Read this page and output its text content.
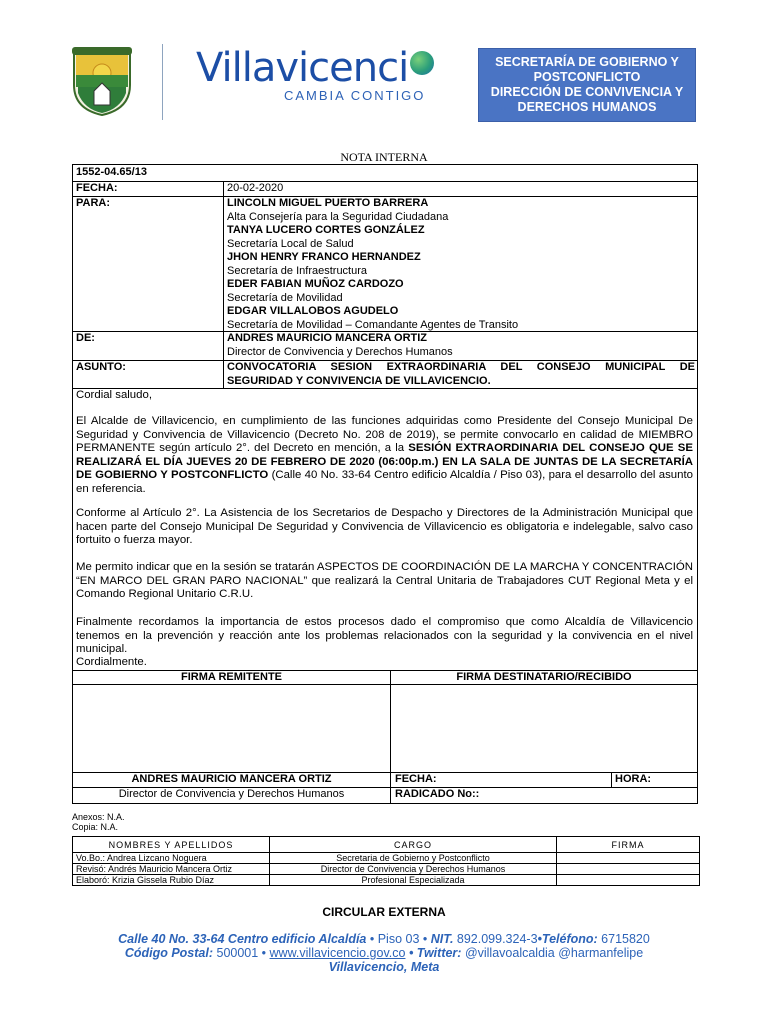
Villavicenci
CAMBIA CONTIGO
SECRETARÍA DE GOBIERNO Y
POSTCONFLICTO
DIRECCIÓN DE CONVIVENCIA Y
DERECHOS HUMANOS
NOTA INTERNA
1552-04.65/13
FECHA:	20-02-2020
PARA:	LINCOLN MIGUEL PUERTO BARRERA
Alta Consejería para la Seguridad Ciudadana
TANYA LUCERO CORTES GONZÁLEZ
Secretaría Local de Salud
JHON HENRY FRANCO HERNANDEZ
Secretaría de Infraestructura
EDER FABIAN MUÑOZ CARDOZO
Secretaría de Movilidad
EDGAR VILLALOBOS AGUDELO
Secretaría de Movilidad – Comandante Agentes de Transito
DE:	ANDRES MAURICIO MANCERA ORTIZ
Director de Convivencia y Derechos Humanos
ASUNTO:	CONVOCATORIA SESION EXTRAORDINARIA DEL CONSEJO MUNICIPAL DE
SEGURIDAD Y CONVIVENCIA DE VILLAVICENCIO.
Cordial saludo,
El Alcalde de Villavicencio, en cumplimiento de las funciones adquiridas como Presidente del Consejo Municipal De Seguridad y Convivencia de Villavicencio (Decreto No. 208 de 2019), se permite convocarlo en calidad de MIEMBRO PERMANENTE según artículo 2°. del Decreto en mención, a la SESIÓN EXTRAORDINARIA DEL CONSEJO QUE SE REALIZARÁ EL DÍA JUEVES 20 DE FEBRERO DE 2020 (06:00p.m.) EN LA SALA DE JUNTAS DE LA SECRETARÍA DE GOBIERNO Y POSTCONFLICTO (Calle 40 No. 33-64 Centro edificio Alcaldía / Piso 03), para el desarrollo del asunto en referencia.
Conforme al Artículo 2°. La Asistencia de los Secretarios de Despacho y Directores de la Administración Municipal que hacen parte del Consejo Municipal De Seguridad y Convivencia de Villavicencio es obligatoria e indelegable, salvo caso fortuito o fuerza mayor.
Me permito indicar que en la sesión se tratarán ASPECTOS DE COORDINACIÓN DE LA MARCHA Y CONCENTRACIÓN “EN MARCO DEL GRAN PARO NACIONAL” que realizará la Central Unitaria de Trabajadores CUT Regional Meta y el Comando Regional Unitario C.R.U.
Finalmente recordamos la importancia de estos procesos dado el compromiso que como Alcaldía de Villavicencio tenemos en la prevención y reacción ante los problemas relacionados con la seguridad y la convivencia en el nivel municipal.
Cordialmente.
FIRMA REMITENTE	FIRMA DESTINATARIO/RECIBIDO
ANDRES MAURICIO MANCERA ORTIZ	FECHA:	HORA:
Director de Convivencia y Derechos Humanos	RADICADO No::
Anexos: N.A.
Copia: N.A.
NOMBRES Y APELLIDOS	CARGO	FIRMA
Vo.Bo.: Andrea Lizcano Noguera	Secretaria de Gobierno y Postconflicto	
Revisó: Andrés Mauricio Mancera Ortiz	Director de Convivencia y Derechos Humanos	
Elaboró: Krizia Gissela Rubio Díaz	Profesional Especializada	
CIRCULAR EXTERNA
Calle 40 No. 33-64 Centro edificio Alcaldía • Piso 03 • NIT. 892.099.324-3•Teléfono: 6715820
Código Postal: 500001 • www.villavicencio.gov.co • Twitter: @villavoalcaldia @harmanfelipe
Villavicencio, Meta
